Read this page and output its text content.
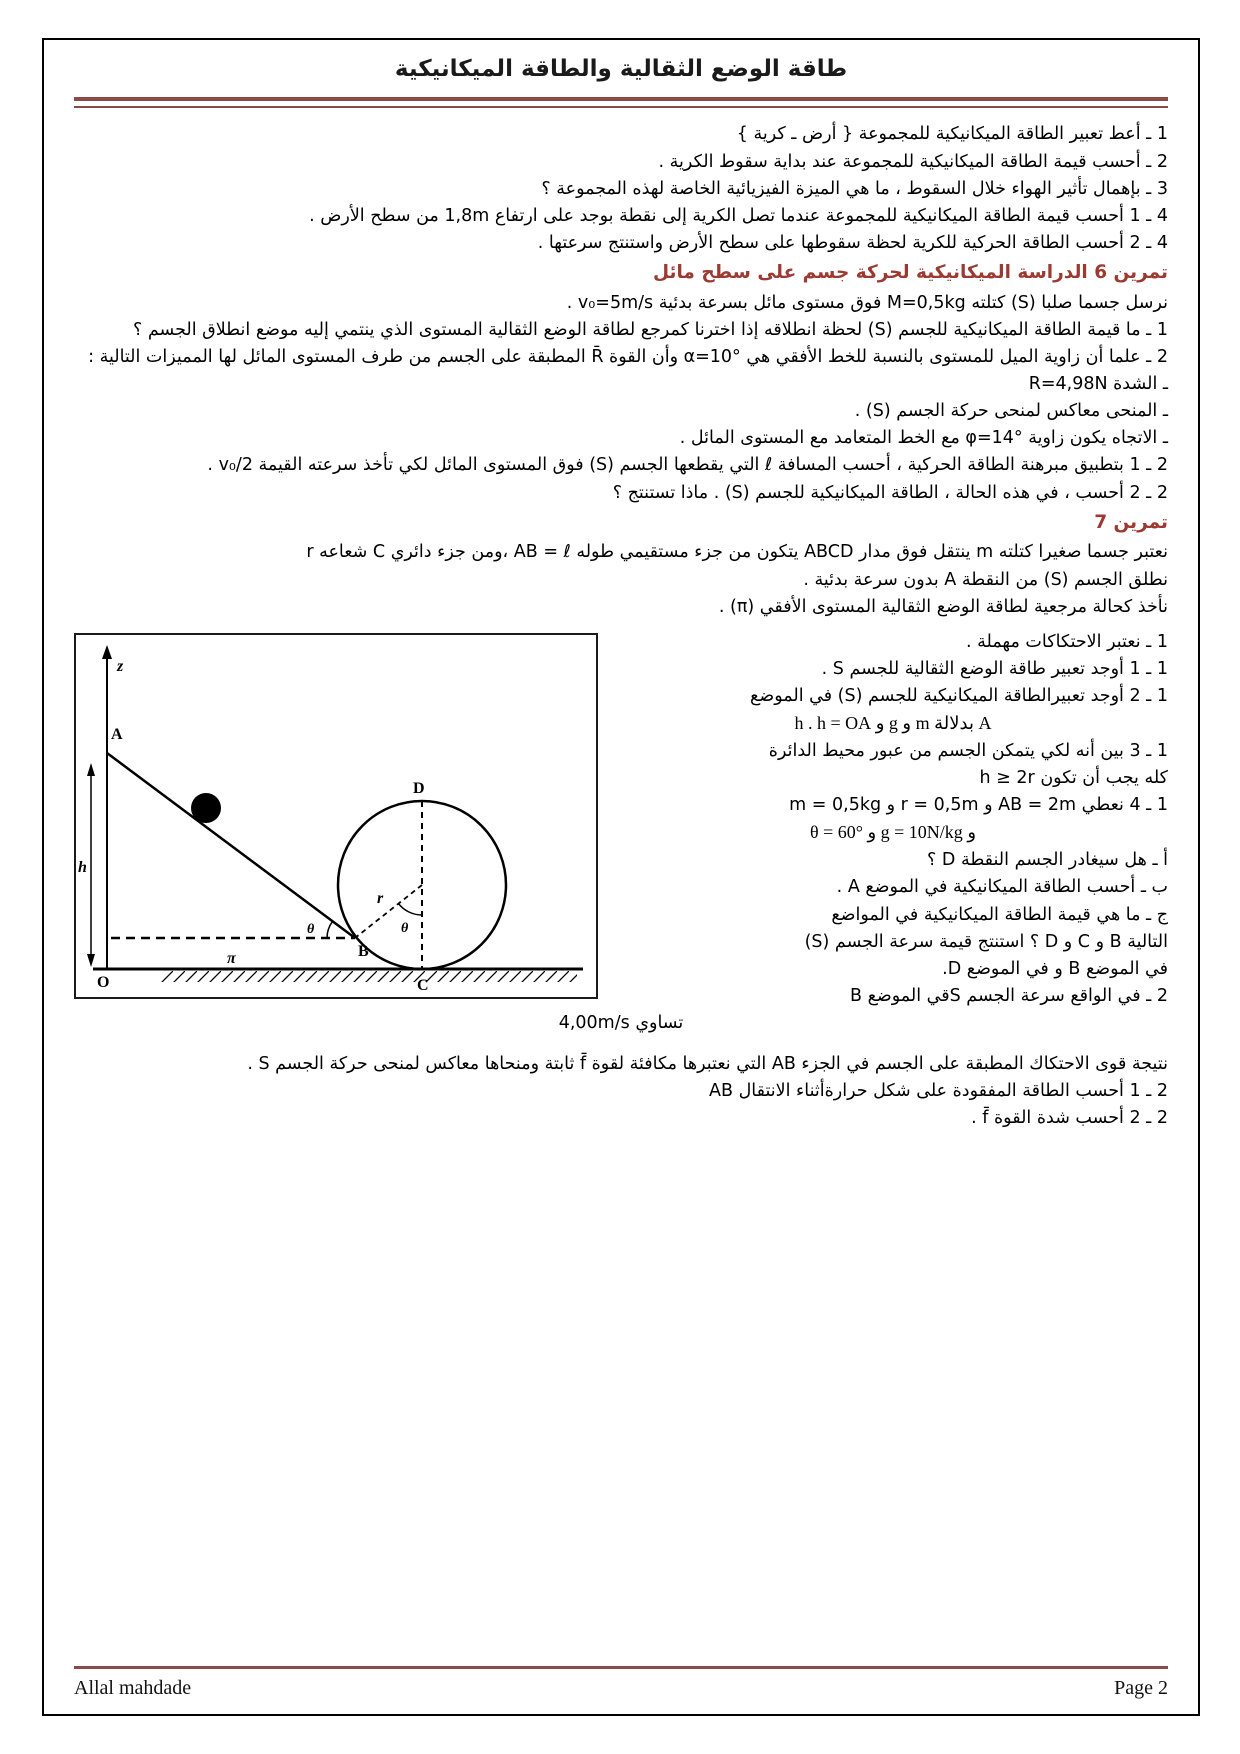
طاقة الوضع الثقالية والطاقة الميكانيكية

1 ـ أعط تعبير الطاقة الميكانيكية للمجموعة { أرض ـ كرية }

2 ـ أحسب قيمة الطاقة الميكانيكية للمجموعة عند بداية سقوط الكرية .

3 ـ بإهمال تأثير الهواء خلال السقوط ، ما هي الميزة الفيزيائية الخاصة لهذه المجموعة ؟

4 ـ 1 أحسب قيمة الطاقة الميكانيكية للمجموعة عندما تصل الكرية إلى نقطة بوجد على ارتفاع 1,8m من سطح الأرض .

4 ـ 2 أحسب الطاقة الحركية للكرية لحظة سقوطها على سطح الأرض واستنتج سرعتها .

تمرين 6 الدراسة الميكانيكية لحركة جسم على سطح مائل

نرسل جسما صلبا (S) كتلته M=0,5kg فوق مستوى مائل بسرعة بدئية v₀=5m/s .

1 ـ ما قيمة الطاقة الميكانيكية للجسم (S) لحظة انطلاقه إذا اخترنا كمرجع لطاقة الوضع الثقالية المستوى الذي ينتمي إليه موضع انطلاق الجسم ؟

2 ـ علما أن زاوية الميل للمستوى بالنسبة للخط الأفقي هي α=10° وأن القوة R̄ المطبقة على الجسم من طرف المستوى المائل لها المميزات التالية :

ـ الشدة R=4,98N

ـ المنحى معاكس لمنحى حركة الجسم (S) .

ـ الاتجاه يكون زاوية φ=14° مع الخط المتعامد مع المستوى المائل .

2 ـ 1 بتطبيق مبرهنة الطاقة الحركية ، أحسب المسافة ℓ التي يقطعها الجسم (S) فوق المستوى المائل لكي تأخذ سرعته القيمة v₀/2 .

2 ـ 2 أحسب ، في هذه الحالة ، الطاقة الميكانيكية للجسم (S) . ماذا تستنتج ؟

تمرين 7

نعتبر جسما صغيرا كتلته m ينتقل فوق مدار ABCD يتكون من جزء مستقيمي طوله AB = ℓ ،ومن جزء دائري C شعاعه r

نطلق الجسم (S) من النقطة A بدون سرعة بدئية .

نأخذ كحالة مرجعية لطاقة الوضع الثقالية المستوى الأفقي (π) .

z
A
h
r
θ
θ
D
B
C
O
π

1 ـ نعتبر الاحتكاكات مهملة .

1 ـ 1 أوجد تعبير طاقة الوضع الثقالية للجسم S .

1 ـ 2 أوجد تعبيرالطاقة الميكانيكية للجسم (S) في الموضع

A بدلالة m و g و h . h = OA

1 ـ 3 بين أنه لكي يتمكن الجسم من عبور محيط الدائرة

كله يجب أن تكون h ≥ 2r

1 ـ 4 نعطي AB = 2m و r = 0,5m و m = 0,5kg

و g = 10N/kg و θ = 60°

أ ـ هل سيغادر الجسم النقطة D ؟

ب ـ أحسب الطاقة الميكانيكية في الموضع A .

ج ـ ما هي قيمة الطاقة الميكانيكية في المواضع

التالية B و C و D ؟ استنتج قيمة سرعة الجسم (S)

في الموضع B و في الموضع D.

2 ـ في الواقع سرعة الجسم Sقي الموضع B

تساوي 4,00m/s

نتيجة قوى الاحتكاك المطبقة على الجسم في الجزء AB التي نعتبرها مكافئة لقوة f̄ ثابتة ومنحاها معاكس لمنحى حركة الجسم S .

2 ـ 1 أحسب الطاقة المفقودة على شكل حرارةأثناء الانتقال AB

2 ـ 2 أحسب شدة القوة f̄ .

Allal mahdade	Page 2
